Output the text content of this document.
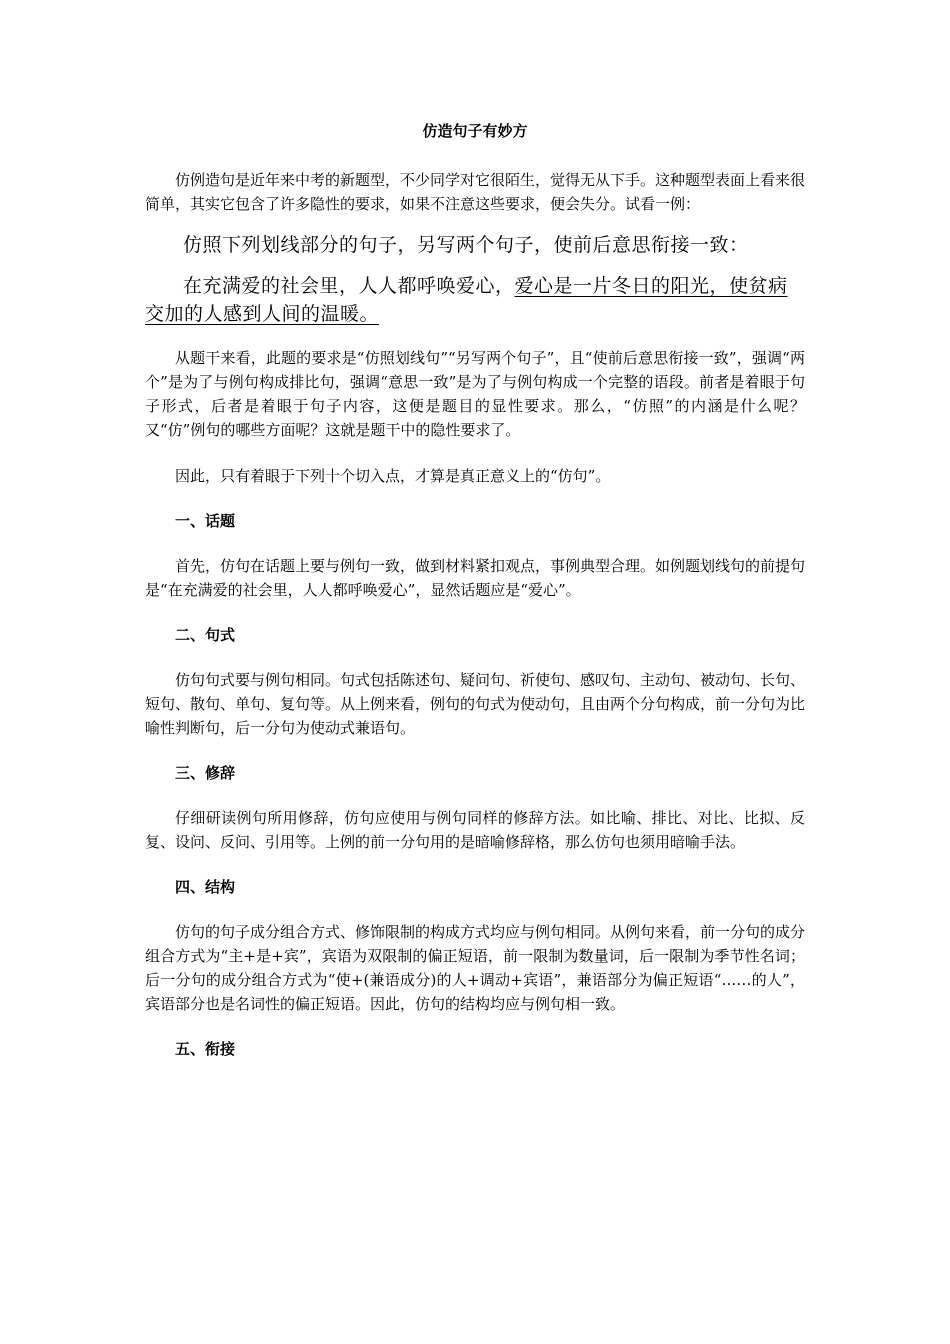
仿造句子有妙方

仿例造句是近年来中考的新题型，不少同学对它很陌生，觉得无从下手。这种题型表面上看来很简单，其实它包含了许多隐性的要求，如果不注意这些要求，便会失分。试看一例：

仿照下列划线部分的句子，另写两个句子，使前后意思衔接一致：

在充满爱的社会里，人人都呼唤爱心，爱心是一片冬日的阳光，使贫病交加的人感到人间的温暖。

从题干来看，此题的要求是“仿照划线句”“另写两个句子”，且“使前后意思衔接一致”，强调“两个”是为了与例句构成排比句，强调“意思一致”是为了与例句构成一个完整的语段。前者是着眼于句子形式，后者是着眼于句子内容，这便是题目的显性要求。那么，“仿照”的内涵是什么呢？又“仿”例句的哪些方面呢？这就是题干中的隐性要求了。

因此，只有着眼于下列十个切入点，才算是真正意义上的“仿句”。

一、话题

首先，仿句在话题上要与例句一致，做到材料紧扣观点，事例典型合理。如例题划线句的前提句是“在充满爱的社会里，人人都呼唤爱心”，显然话题应是“爱心”。

二、句式

仿句句式要与例句相同。句式包括陈述句、疑问句、祈使句、感叹句、主动句、被动句、长句、短句、散句、单句、复句等。从上例来看，例句的句式为使动句，且由两个分句构成，前一分句为比喻性判断句，后一分句为使动式兼语句。

三、修辞

仔细研读例句所用修辞，仿句应使用与例句同样的修辞方法。如比喻、排比、对比、比拟、反复、设问、反问、引用等。上例的前一分句用的是暗喻修辞格，那么仿句也须用暗喻手法。

四、结构

仿句的句子成分组合方式、修饰限制的构成方式均应与例句相同。从例句来看，前一分句的成分组合方式为“主+是+宾”，宾语为双限制的偏正短语，前一限制为数量词，后一限制为季节性名词；后一分句的成分组合方式为“使+(兼语成分)的人+调动+宾语”，兼语部分为偏正短语“……的人”，宾语部分也是名词性的偏正短语。因此，仿句的结构均应与例句相一致。

五、衔接
